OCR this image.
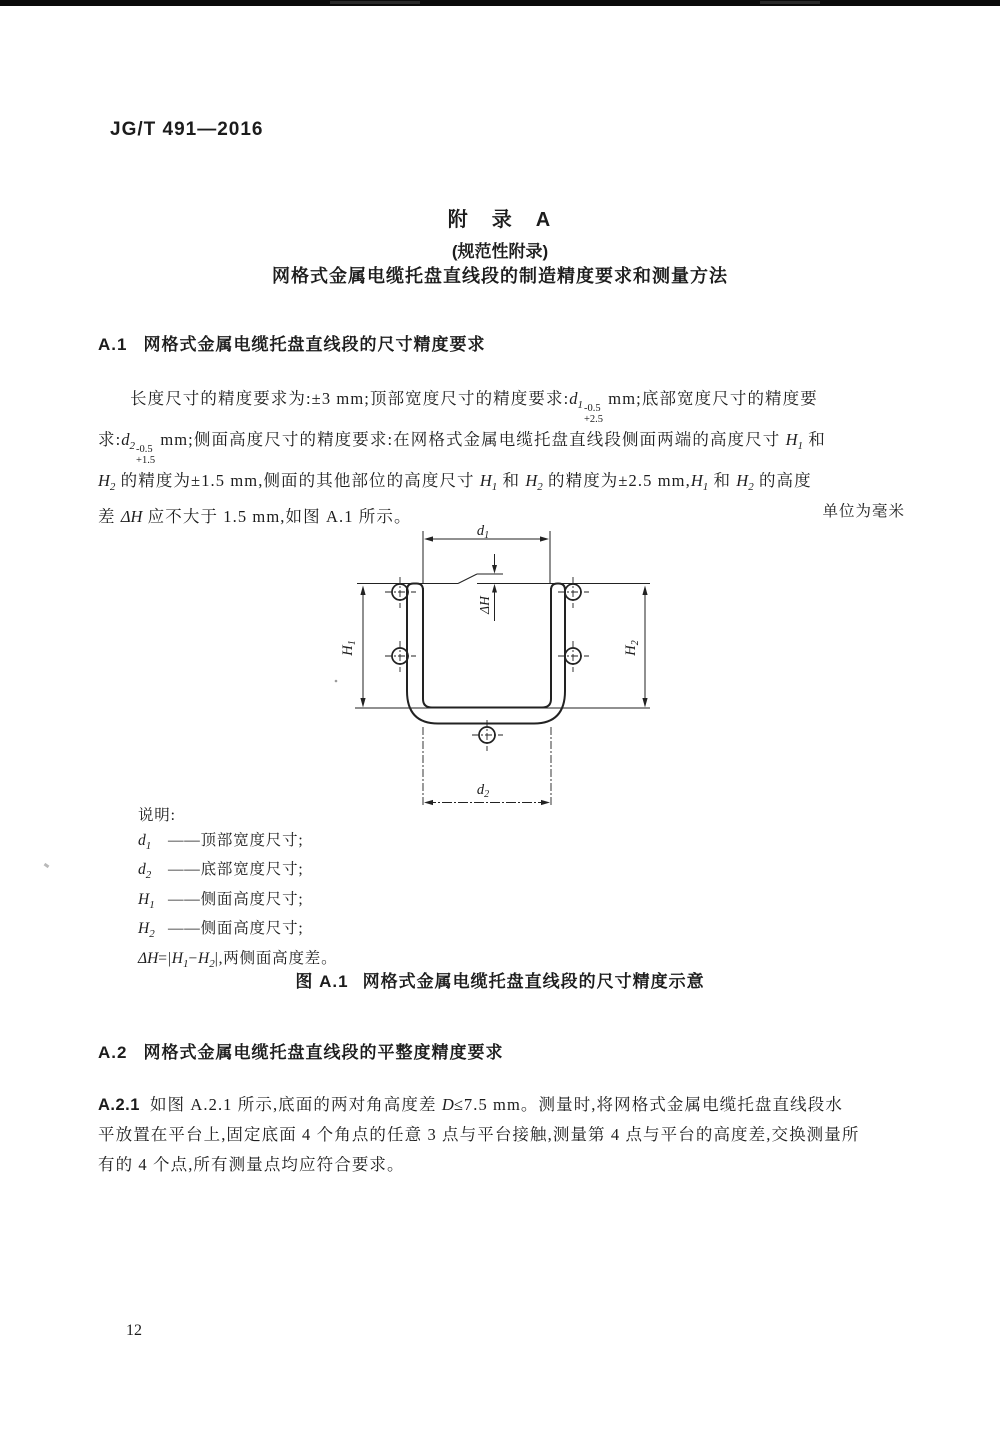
JG/T 491—2016
附　录　A
(规范性附录)
网格式金属电缆托盘直线段的制造精度要求和测量方法
A.1 网格式金属电缆托盘直线段的尺寸精度要求
长度尺寸的精度要求为:±3 mm;顶部宽度尺寸的精度要求$:d_1$ -0.5
+2.5
mm;底部宽度尺寸的精度要
求$:d_2$ -0.5
+1.5
mm;侧面高度尺寸的精度要求:在网格式金属电缆托盘直线段侧面两端的高度尺寸 $H_1$ 和
$H_2$ 的精度为±1.5 mm,侧面的其他部位的高度尺寸 $H_1$ 和 $H_2$ 的精度为±2.5 $mm,H_1$ 和 $H_2$ 的高度
差 ΔH 应不大于 1.5 mm,如图 A.1 所示。	单位为毫米
$d_1$
$d_2$
ΔH
$H_1$
$H_2$
说明:
$d_1$ ——顶部宽度尺寸;
$d_2$ ——底部宽度尺寸;
$H_1$ ——侧面高度尺寸;
$H_2$ ——侧面高度尺寸;
$\Delta H=|H_1-H_2|$,两侧面高度差。
图 A.1 网格式金属电缆托盘直线段的尺寸精度示意
A.2 网格式金属电缆托盘直线段的平整度精度要求
A.2.1 如图 A.2.1 所示,底面的两对角高度差 D≤7.5 mm。测量时,将网格式金属电缆托盘直线段水
平放置在平台上,固定底面 4 个角点的任意 3 点与平台接触,测量第 4 点与平台的高度差,交换测量所
有的 4 个点,所有测量点均应符合要求。
12
